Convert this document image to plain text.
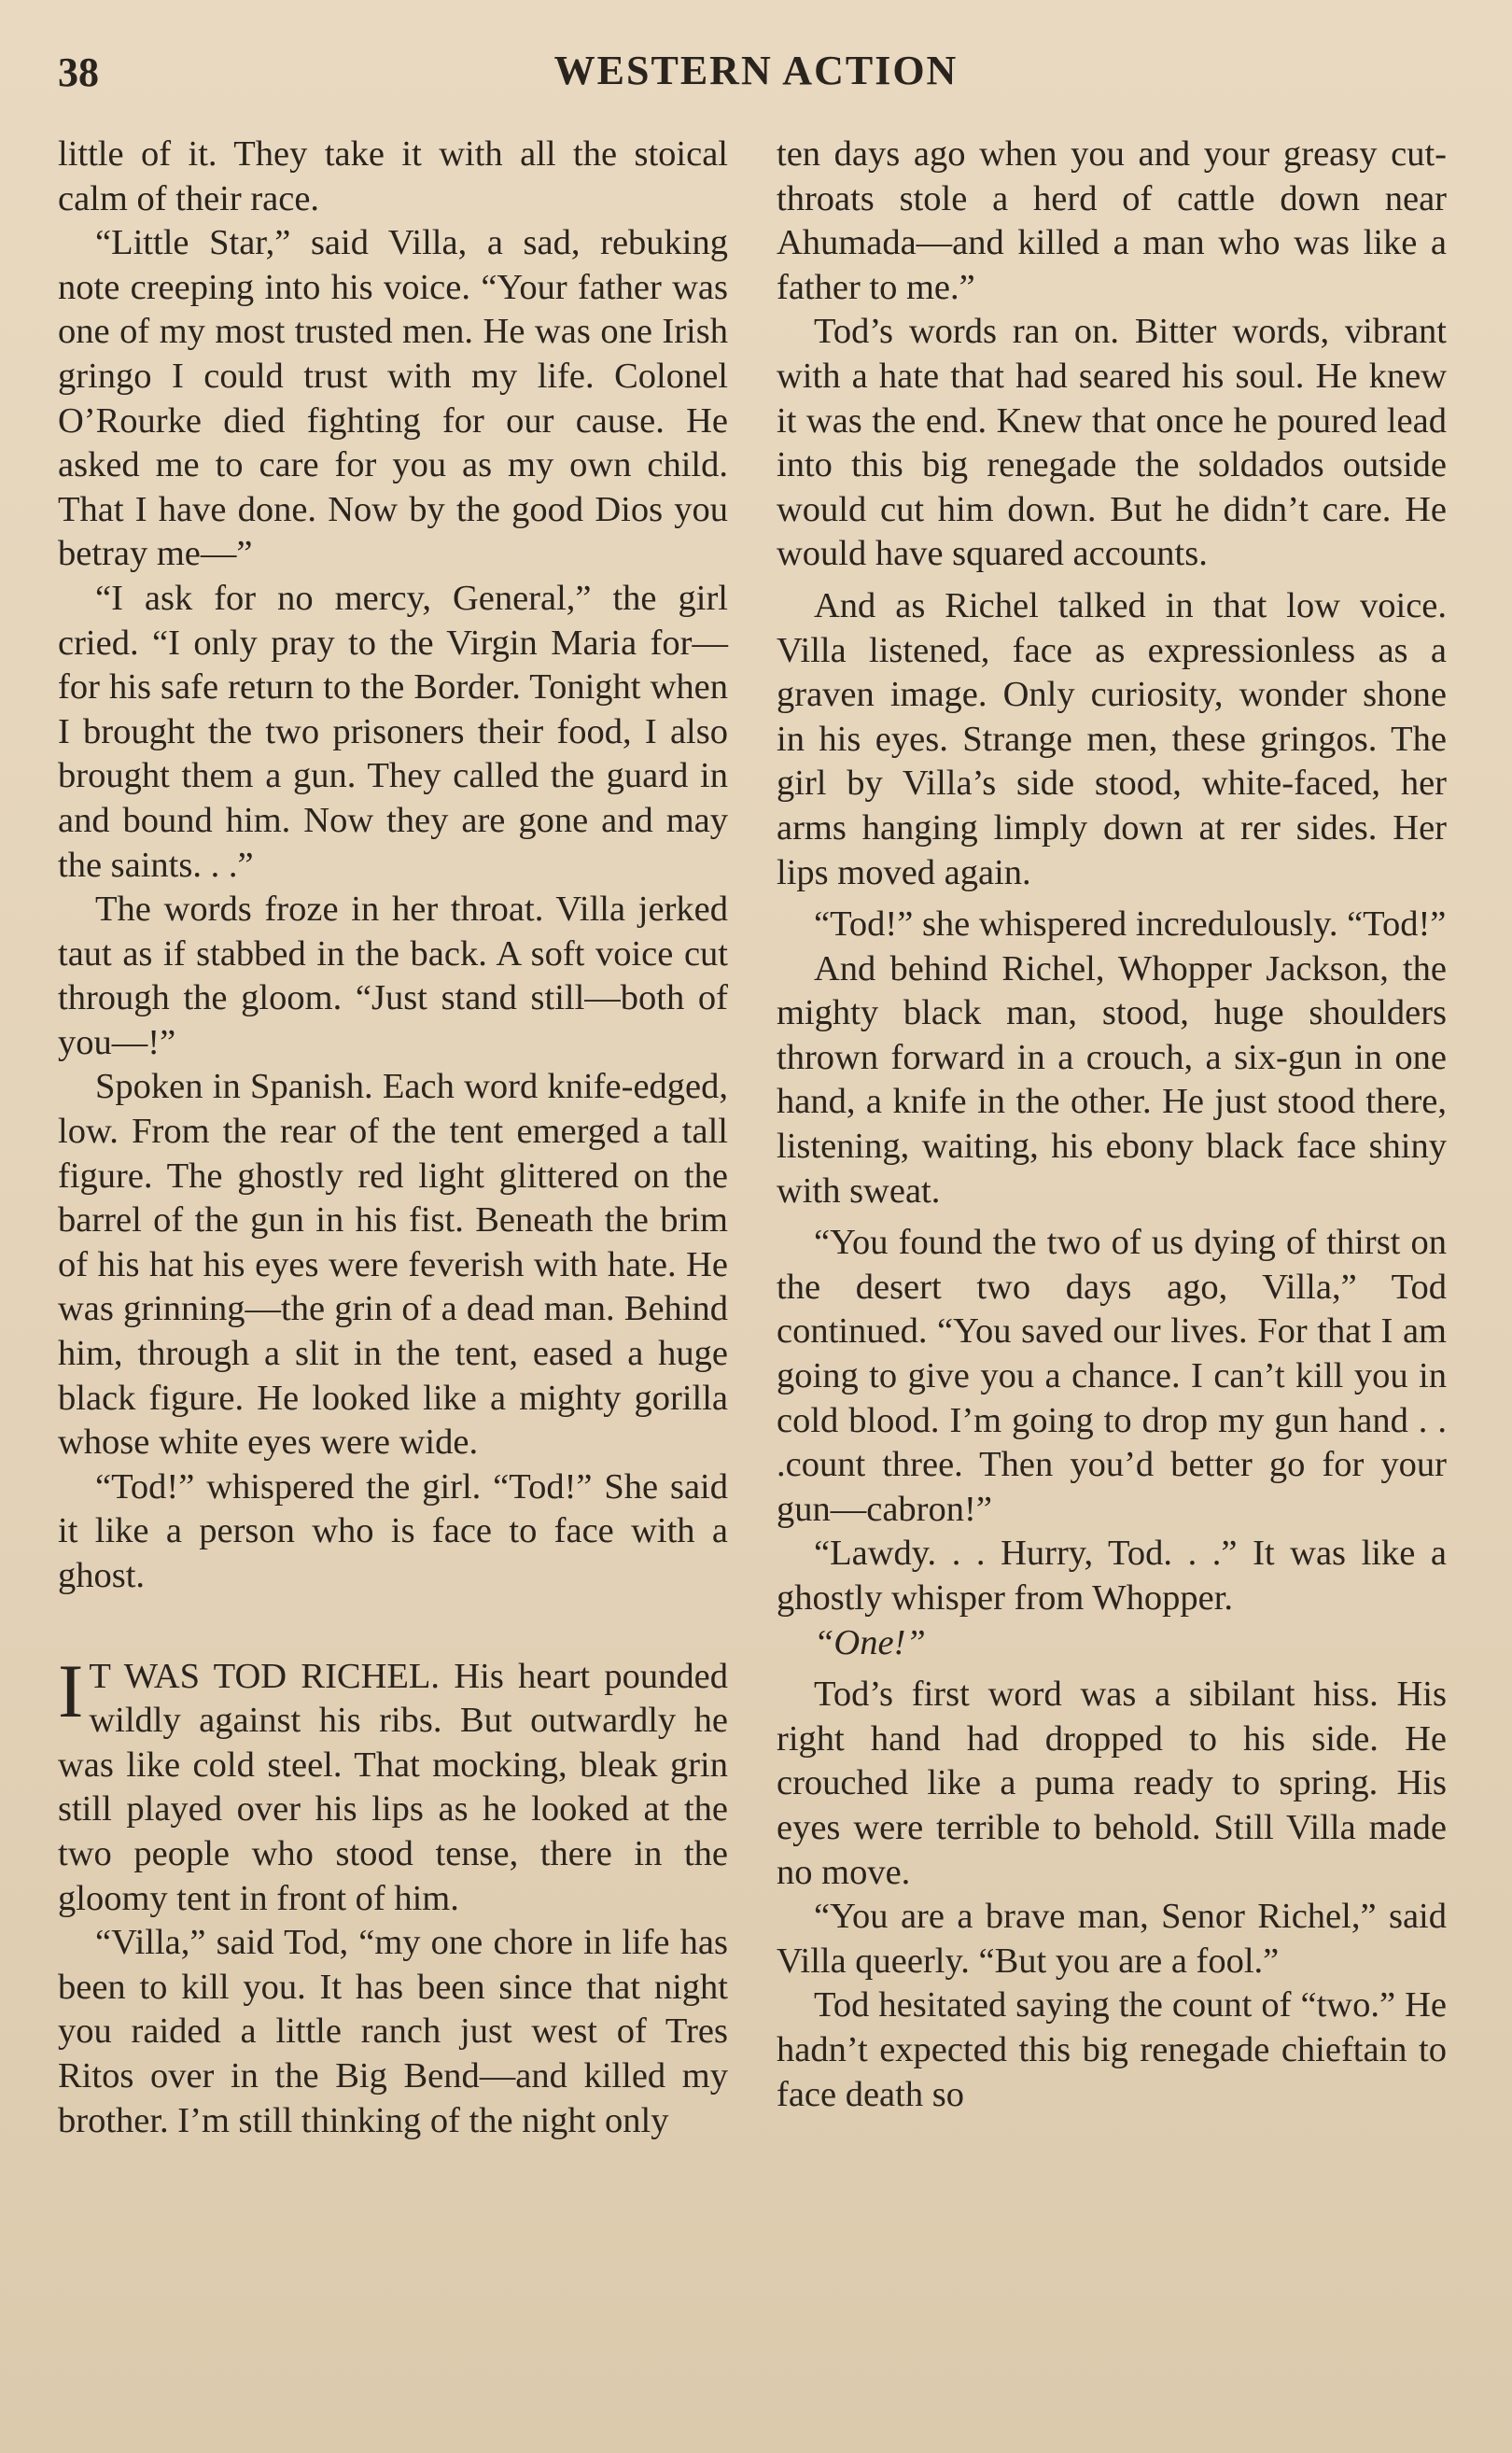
38	WESTERN ACTION

little of it. They take it with all the stoical calm of their race.

“Little Star,” said Villa, a sad, rebuking note creeping into his voice. “Your father was one of my most trusted men. He was one Irish gringo I could trust with my life. Colonel O’Rourke died fighting for our cause. He asked me to care for you as my own child. That I have done. Now by the good Dios you betray me—”

“I ask for no mercy, General,” the girl cried. “I only pray to the Virgin Maria for—for his safe return to the Border. Tonight when I brought the two prisoners their food, I also brought them a gun. They called the guard in and bound him. Now they are gone and may the saints. . .”

The words froze in her throat. Villa jerked taut as if stabbed in the back. A soft voice cut through the gloom. “Just stand still—both of you—!”

Spoken in Spanish. Each word knife-edged, low. From the rear of the tent emerged a tall figure. The ghostly red light glittered on the barrel of the gun in his fist. Beneath the brim of his hat his eyes were feverish with hate. He was grinning—the grin of a dead man. Behind him, through a slit in the tent, eased a huge black figure. He looked like a mighty gorilla whose white eyes were wide.

“Tod!” whispered the girl. “Tod!” She said it like a person who is face to face with a ghost.

I T WAS TOD RICHEL. His heart pounded wildly against his ribs. But outwardly he was like cold steel. That mocking, bleak grin still played over his lips as he looked at the two people who stood tense, there in the gloomy tent in front of him.

“Villa,” said Tod, “my one chore in life has been to kill you. It has been since that night you raided a little ranch just west of Tres Ritos over in the Big Bend—and killed my brother. I’m still thinking of the night only

ten days ago when you and your greasy cut-throats stole a herd of cattle down near Ahumada—and killed a man who was like a father to me.”

Tod’s words ran on. Bitter words, vibrant with a hate that had seared his soul. He knew it was the end. Knew that once he poured lead into this big renegade the soldados outside would cut him down. But he didn’t care. He would have squared accounts.

And as Richel talked in that low voice. Villa listened, face as expressionless as a graven image. Only curiosity, wonder shone in his eyes. Strange men, these gringos. The girl by Villa’s side stood, white-faced, her arms hanging limply down at rer sides. Her lips moved again.

“Tod!” she whispered incredulously. “Tod!”

And behind Richel, Whopper Jackson, the mighty black man, stood, huge shoulders thrown forward in a crouch, a six-gun in one hand, a knife in the other. He just stood there, listening, waiting, his ebony black face shiny with sweat.

“You found the two of us dying of thirst on the desert two days ago, Villa,” Tod continued. “You saved our lives. For that I am going to give you a chance. I can’t kill you in cold blood. I’m going to drop my gun hand . . .count three. Then you’d better go for your gun—cabron!”

“Lawdy. . . Hurry, Tod. . .” It was like a ghostly whisper from Whopper.

“One!”

Tod’s first word was a sibilant hiss. His right hand had dropped to his side. He crouched like a puma ready to spring. His eyes were terrible to behold. Still Villa made no move.

“You are a brave man, Senor Richel,” said Villa queerly. “But you are a fool.”

Tod hesitated saying the count of “two.” He hadn’t expected this big renegade chieftain to face death so
